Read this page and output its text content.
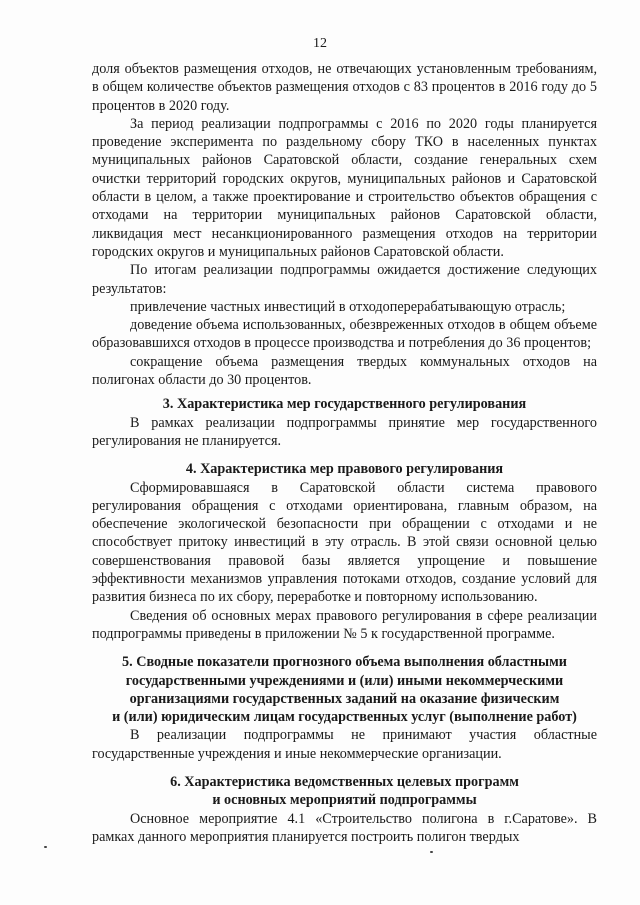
12

доля объектов размещения отходов, не отвечающих установленным требованиям, в общем количестве объектов размещения отходов с 83 процентов в 2016 году до 5 процентов в 2020 году.

За период реализации подпрограммы с 2016 по 2020 годы планируется проведение эксперимента по раздельному сбору ТКО в населенных пунктах муниципальных районов Саратовской области, создание генеральных схем очистки территорий городских округов, муниципальных районов и Саратовской области в целом, а также проектирование и строительство объектов обращения с отходами на территории муниципальных районов Саратовской области, ликвидация мест несанкционированного размещения отходов на территории городских округов и муниципальных районов Саратовской области.

По итогам реализации подпрограммы ожидается достижение следующих результатов:

привлечение частных инвестиций в отходоперерабатывающую отрасль;

доведение объема использованных, обезвреженных отходов в общем объеме образовавшихся отходов в процессе производства и потребления до 36 процентов;

сокращение объема размещения твердых коммунальных отходов на полигонах области до 30 процентов.

3. Характеристика мер государственного регулирования

В рамках реализации подпрограммы принятие мер государственного регулирования не планируется.

4. Характеристика мер правового регулирования

Сформировавшаяся в Саратовской области система правового регулирования обращения с отходами ориентирована, главным образом, на обеспечение экологической безопасности при обращении с отходами и не способствует притоку инвестиций в эту отрасль. В этой связи основной целью совершенствования правовой базы является упрощение и повышение эффективности механизмов управления потоками отходов, создание условий для развития бизнеса по их сбору, переработке и повторному использованию.

Сведения об основных мерах правового регулирования в сфере реализации подпрограммы приведены в приложении № 5 к государственной программе.

5. Сводные показатели прогнозного объема выполнения областными
государственными учреждениями и (или) иными некоммерческими
организациями государственных заданий на оказание физическим
и (или) юридическим лицам государственных услуг (выполнение работ)

В реализации подпрограммы не принимают участия областные государственные учреждения и иные некоммерческие организации.

6. Характеристика ведомственных целевых программ
и основных мероприятий подпрограммы

Основное мероприятие 4.1 «Строительство полигона в г.Саратове». В рамках данного мероприятия планируется построить полигон твердых
